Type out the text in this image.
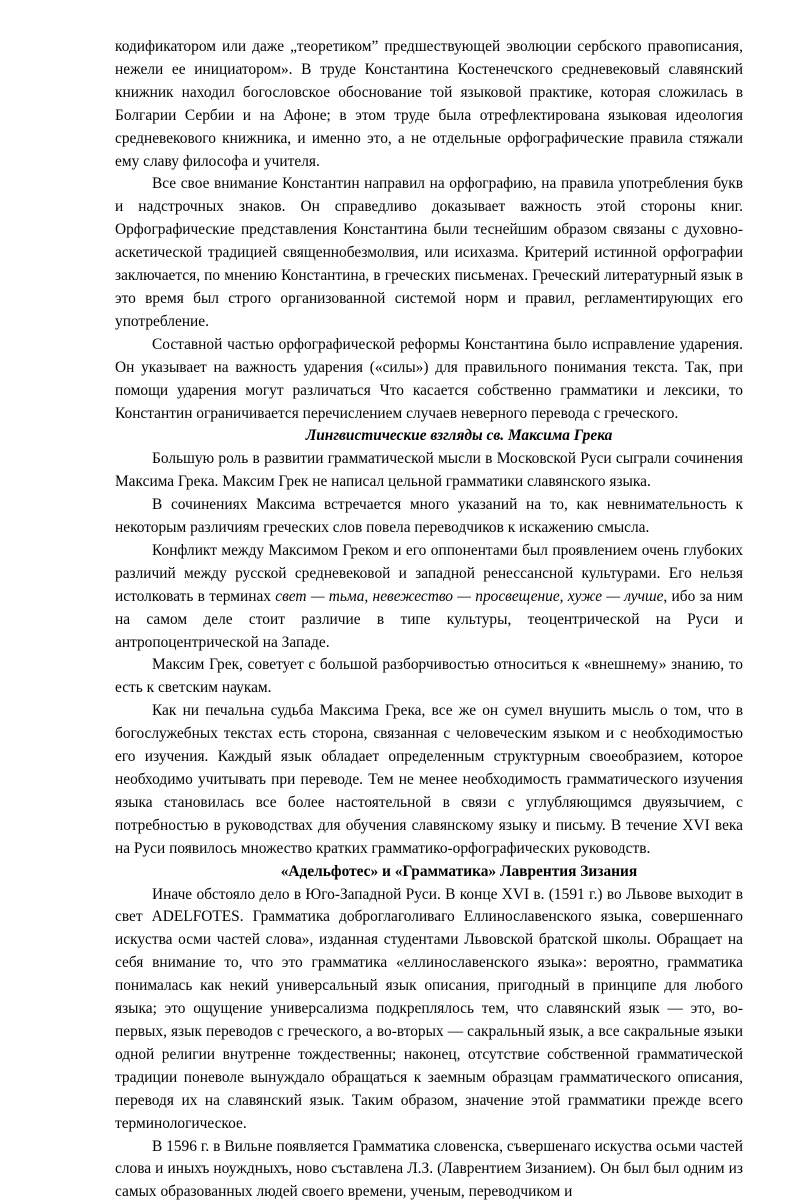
кодификатором или даже „теоретиком” предшествующей эволюции сербского правописания, нежели ее инициатором». В труде Константина Костенечского средневековый славянский книжник находил богословское обоснование той языковой практике, которая сложилась в Болгарии Сербии и на Афоне; в этом труде была отрефлектирована языковая идеология средневекового книжника, и именно это, а не отдельные орфографические правила стяжали ему славу философа и учителя.

Все свое внимание Константин направил на орфографию, на правила употребления букв и надстрочных знаков. Он справедливо доказывает важность этой стороны книг. Орфографические представления Константина были теснейшим образом связаны с духовно-аскетической традицией священнобезмолвия, или исихазма. Критерий истинной орфографии заключается, по мнению Константина, в греческих письменах. Греческий литературный язык в это время был строго организованной системой норм и правил, регламентирующих его употребление.

Составной частью орфографической реформы Константина было исправление ударения. Он указывает на важность ударения («силы») для правильного понимания текста. Так, при помощи ударения могут различаться Что касается собственно грамматики и лексики, то Константин ограничивается перечислением случаев неверного перевода с греческого.

Лингвистические взгляды св. Максима Грека

Большую роль в развитии грамматической мысли в Московской Руси сыграли сочинения Максима Грека. Максим Грек не написал цельной грамматики славянского языка.

В сочинениях Максима встречается много указаний на то, как невнимательность к некоторым различиям греческих слов повела переводчиков к искажению смысла.

Конфликт между Максимом Греком и его оппонентами был проявлением очень глубоких различий между русской средневековой и западной ренессансной культурами. Его нельзя истолковать в терминах свет — тьма, невежество — просвещение, хуже — лучше, ибо за ним на самом деле стоит различие в типе культуры, теоцентрической на Руси и антропоцентрической на Западе.

Максим Грек, советует с большой разборчивостью относиться к «внешнему» знанию, то есть к светским наукам.

Как ни печальна судьба Максима Грека, все же он сумел внушить мысль о том, что в богослужебных текстах есть сторона, связанная с человеческим языком и с необходимостью его изучения. Каждый язык обладает определенным структурным своеобразием, которое необходимо учитывать при переводе. Тем не менее необходимость грамматического изучения языка становилась все более настоятельной в связи с углубляющимся двуязычием, с потребностью в руководствах для обучения славянскому языку и письму. В течение XVI века на Руси появилось множество кратких грамматико-орфографических руководств.

«Адельфотес» и «Грамматика» Лаврентия Зизания

Иначе обстояло дело в Юго-Западной Руси. В конце XVI в. (1591 г.) во Львове выходит в свет ADELFOTES. Грамматика доброглаголиваго Еллинославенского языка, совершеннаго искуства осми частей слова», изданная студентами Львовской братской школы. Обращает на себя внимание то, что это грамматика «еллинославенского языка»: вероятно, грамматика понималась как некий универсальный язык описания, пригодный в принципе для любого языка; это ощущение универсализма подкреплялось тем, что славянский язык — это, во-первых, язык переводов с греческого, а во-вторых — сакральный язык, а все сакральные языки одной религии внутренне тождественны; наконец, отсутствие собственной грамматической традиции поневоле вынуждало обращаться к заемным образцам грамматического описания, переводя их на славянский язык. Таким образом, значение этой грамматики прежде всего терминологическое.

В 1596 г. в Вильне появляется Грамматика словенска, съвершенаго искуства осьми частей слова и иныхъ ноуждныхъ, ново съставлена Л.З. (Лаврентием Зизанием). Он был был одним из самых образованных людей своего времени, ученым, переводчиком и
